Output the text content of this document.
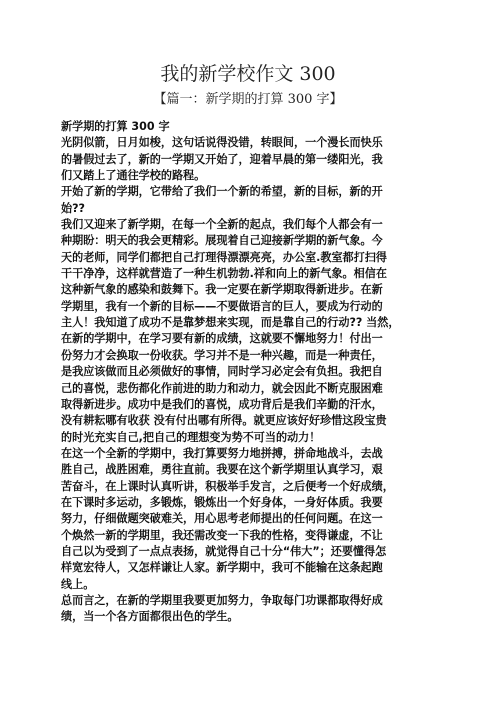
我的新学校作文 300
【篇一：新学期的打算 300 字】
新学期的打算 300 字
光阴似箭，日月如梭，这句话说得没错，转眼间，一个漫长而快乐
的暑假过去了，新的一学期又开始了，迎着早晨的第一缕阳光，我
们又踏上了通往学校的路程。
开始了新的学期，它带给了我们一个新的希望，新的目标，新的开
始??
我们又迎来了新学期，在每一个全新的起点，我们每个人都会有一
种期盼：明天的我会更精彩。展现着自己迎接新学期的新气象。今
天的老师，同学们都把自己打理得漂漂亮亮，办公室.教室都打扫得
干干净净，这样就营造了一种生机勃勃.祥和向上的新气象。相信在
这种新气象的感染和鼓舞下。我一定要在新学期取得新进步。在新
学期里，我有一个新的目标——不要做语言的巨人，要成为行动的
主人！我知道了成功不是靠梦想来实现，而是靠自己的行动?? 当然，
在新的学期中，在学习要有新的成绩，这就要不懈地努力！付出一
份努力才会换取一份收获。学习并不是一种兴趣，而是一种责任，
是我应该做而且必须做好的事情，同时学习必定会有负担。我把自
己的喜悦，悲伤都化作前进的助力和动力，就会因此不断克服困难
取得新进步。成功中是我们的喜悦，成功背后是我们辛勤的汗水，
没有耕耘哪有收获 没有付出哪有所得。就更应该好好珍惜这段宝贵
的时光充实自己,把自己的理想变为势不可当的动力！
在这一个全新的学期中，我打算要努力地拼搏，拼命地战斗，去战
胜自己，战胜困难，勇往直前。我要在这个新学期里认真学习，艰
苦奋斗，在上课时认真听讲，积极举手发言，之后便考一个好成绩，
在下课时多运动，多锻炼，锻炼出一个好身体，一身好体质。我要
努力，仔细做题突破难关，用心思考老师提出的任何问题。在这一
个焕然一新的学期里，我还需改变一下我的性格，变得谦虚，不让
自己以为受到了一点点表扬，就觉得自己十分“伟大”；还要懂得怎
样宽宏待人，又怎样谦让人家。新学期中，我可不能输在这条起跑
线上。
总而言之，在新的学期里我要更加努力，争取每门功课都取得好成
绩，当一个各方面都很出色的学生。
